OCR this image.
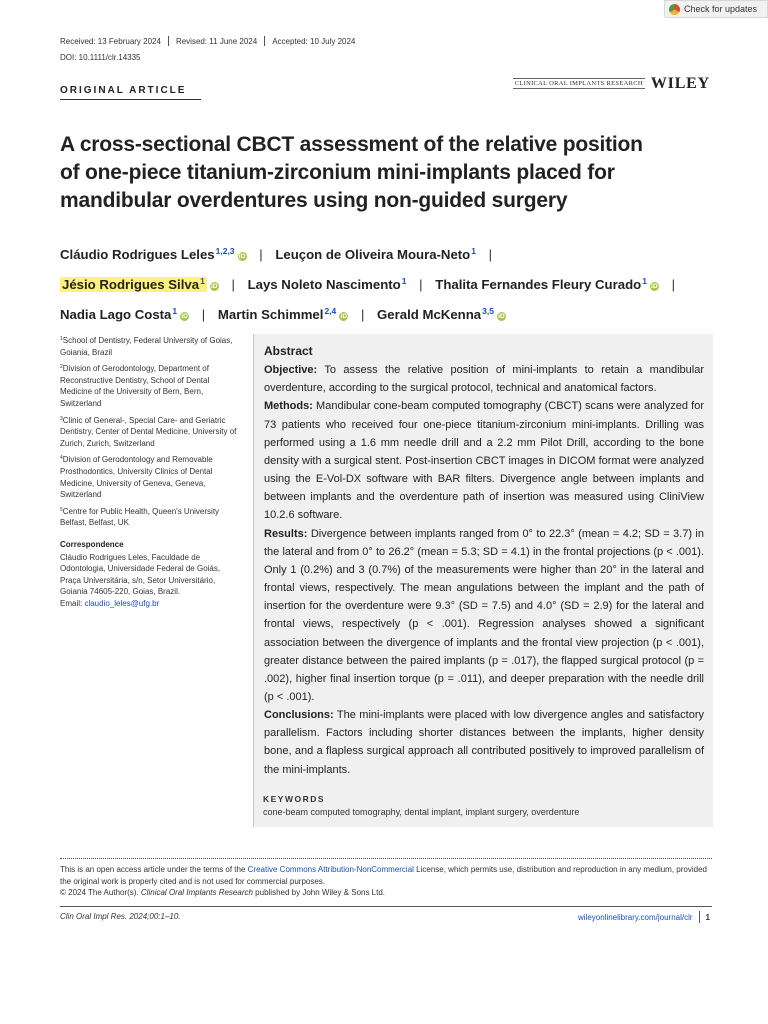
Check for updates
Received: 13 February 2024 Revised: 11 June 2024 Accepted: 10 July 2024
DOI: 10.1111/clr.14335
CLINICAL ORAL IMPLANTS RESEARCH WILEY
ORIGINAL ARTICLE
A cross-sectional CBCT assessment of the relative position
of one-piece titanium-zirconium mini-implants placed for
mandibular overdentures using non-guided surgery
Cláudio Rodrigues Leles$^{1,2,3}$iD | Leuçon de Oliveira Moura-Neto$^1$ |
Jésio Rodrigues Silva$^1$iD | Lays Noleto Nascimento$^1$ | Thalita Fernandes Fleury Curado$^1$iD |
Nadia Lago Costa$^1$iD | Martin Schimmel$^{2,4}$iD | Gerald McKenna$^{3,5}$iD
$^1$School of Dentistry, Federal University of Goias, Goiania, Brazil
$^2$Division of Gerodontology, Department of Reconstructive Dentistry, School of Dental Medicine of the University of Bern, Bern, Switzerland
$^3$Clinic of General-, Special Care- and Geriatric Dentistry, Center of Dental Medicine, University of Zurich, Zurich, Switzerland
$^4$Division of Gerodontology and Removable Prosthodontics, University Clinics of Dental Medicine, University of Geneva, Geneva, Switzerland
$^5$Centre for Public Health, Queen's University Belfast, Belfast, UK
Correspondence
Cláudio Rodrigues Leles, Faculdade de Odontologia, Universidade Federal de Goiás, Praça Universitária, s/n, Setor Universitário, Goiania 74605-220, Goias, Brazil.
Email: claudio_leles@ufg.br
Abstract

Objective: To assess the relative position of mini-implants to retain a mandibular overdenture, according to the surgical protocol, technical and anatomical factors.

Methods: Mandibular cone-beam computed tomography (CBCT) scans were analyzed for 73 patients who received four one-piece titanium-zirconium mini-implants. Drilling was performed using a 1.6 mm needle drill and a 2.2 mm Pilot Drill, according to the bone density with a surgical stent. Post-insertion CBCT images in DICOM format were analyzed using the E-Vol-DX software with BAR filters. Divergence angle between implants and between implants and the overdenture path of insertion was measured using CliniView 10.2.6 software.

Results: Divergence between implants ranged from 0° to 22.3° (mean = 4.2; SD = 3.7) in the lateral and from 0° to 26.2° (mean = 5.3; SD = 4.1) in the frontal projections (p < .001). Only 1 (0.2%) and 3 (0.7%) of the measurements were higher than 20° in the lateral and frontal views, respectively. The mean angulations between the implant and the path of insertion for the overdenture were 9.3° (SD = 7.5) and 4.0° (SD = 2.9) for the lateral and frontal views, respectively (p < .001). Regression analyses showed a significant association between the divergence of implants and the frontal view projection (p < .001), greater distance between the paired implants (p = .017), the flapped surgical protocol (p = .002), higher final insertion torque (p = .011), and deeper preparation with the needle drill (p < .001).

Conclusions: The mini-implants were placed with low divergence angles and satisfactory parallelism. Factors including shorter distances between the implants, higher density bone, and a flapless surgical approach all contributed positively to improved parallelism of the mini-implants.

KEYWORDS
cone-beam computed tomography, dental implant, implant surgery, overdenture
This is an open access article under the terms of the Creative Commons Attribution-NonCommercial License, which permits use, distribution and reproduction in any medium, provided the original work is properly cited and is not used for commercial purposes.
© 2024 The Author(s). Clinical Oral Implants Research published by John Wiley & Sons Ltd.
Clin Oral Impl Res. 2024;00:1–10.	wileyonlinelibrary.com/journal/clr 1
